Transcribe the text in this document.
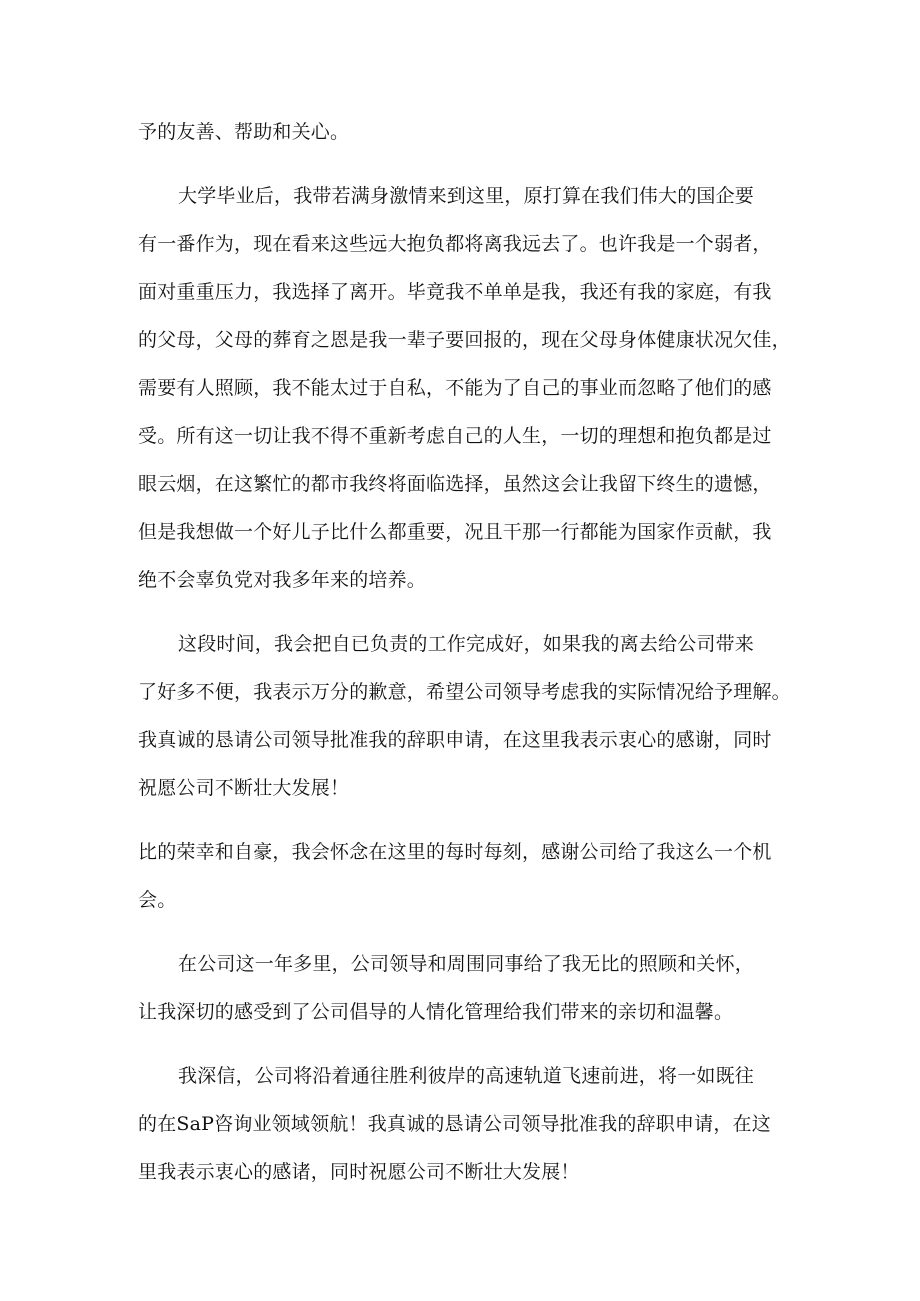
予的友善、帮助和关心。
大学毕业后，我带若满身激情来到这里，原打算在我们伟大的国企要
有一番作为，现在看来这些远大抱负都将离我远去了。也许我是一个弱者，
面对重重压力，我选择了离开。毕竟我不单单是我，我还有我的家庭，有我
的父母，父母的葬育之恩是我一辈子要回报的，现在父母身体健康状况欠佳，
需要有人照顾，我不能太过于自私，不能为了自己的事业而忽略了他们的感
受。所有这一切让我不得不重新考虑自己的人生，一切的理想和抱负都是过
眼云烟，在这繁忙的都市我终将面临选择，虽然这会让我留下终生的遗憾，
但是我想做一个好儿子比什么都重要，况且干那一行都能为国家作贡献，我
绝不会辜负党对我多年来的培养。
这段时间，我会把自已负责的工作完成好，如果我的离去给公司带来
了好多不便，我表示万分的歉意，希望公司领导考虑我的实际情况给予理解。
我真诚的恳请公司领导批准我的辞职申请，在这里我表示衷心的感谢，同时
祝愿公司不断壮大发展！
比的荣幸和自豪，我会怀念在这里的每时每刻，感谢公司给了我这么一个机
会。
在公司这一年多里，公司领导和周围同事给了我无比的照顾和关怀，
让我深切的感受到了公司倡导的人情化管理给我们带来的亲切和温馨。
我深信，公司将沿着通往胜利彼岸的高速轨道飞速前进，将一如既往
的在SaP咨询业领域领航！我真诚的恳请公司领导批准我的辞职申请，在这
里我表示衷心的感诸，同时祝愿公司不断壮大发展！
